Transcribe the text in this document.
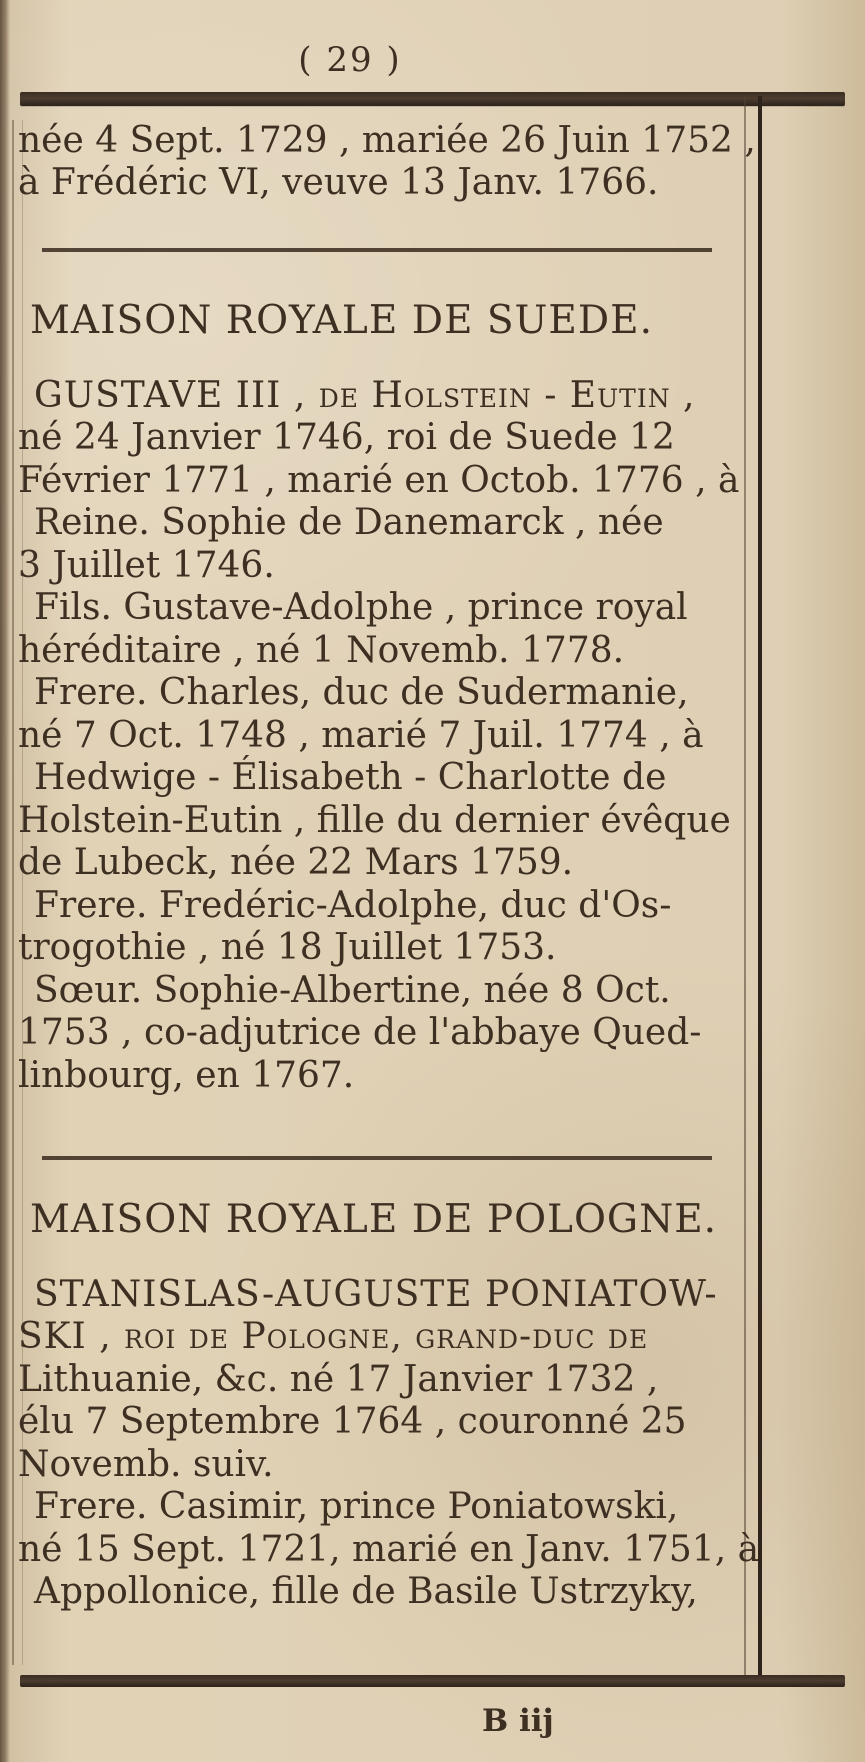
( 29 )
née 4 Sept. 1729 , mariée 26 Juin 1752 ,
à Frédéric VI, veuve 13 Janv. 1766.
MAISON ROYALE DE SUEDE.
GUSTAVE III , de Holstein - Eutin ,
né 24 Janvier 1746, roi de Suede 12
Février 1771 , marié en Octob. 1776 , à
Reine. Sophie de Danemarck , née
3 Juillet 1746.
Fils. Gustave-Adolphe , prince royal
héréditaire , né 1 Novemb. 1778.
Frere. Charles, duc de Sudermanie,
né 7 Oct. 1748 , marié 7 Juil. 1774 , à
Hedwige - Élisabeth - Charlotte de
Holstein-Eutin , fille du dernier évêque
de Lubeck, née 22 Mars 1759.
Frere. Fredéric-Adolphe, duc d'Os-
trogothie , né 18 Juillet 1753.
Sœur. Sophie-Albertine, née 8 Oct.
1753 , co-adjutrice de l'abbaye Qued-
linbourg, en 1767.
MAISON ROYALE DE POLOGNE.
STANISLAS-AUGUSTE PONIATOW-
SKI , roi de Pologne, grand-duc de
Lithuanie, &c. né 17 Janvier 1732 ,
élu 7 Septembre 1764 , couronné 25
Novemb. suiv.
Frere. Casimir, prince Poniatowski,
né 15 Sept. 1721, marié en Janv. 1751, à
Appollonice, fille de Basile Ustrzyky,
B iij
